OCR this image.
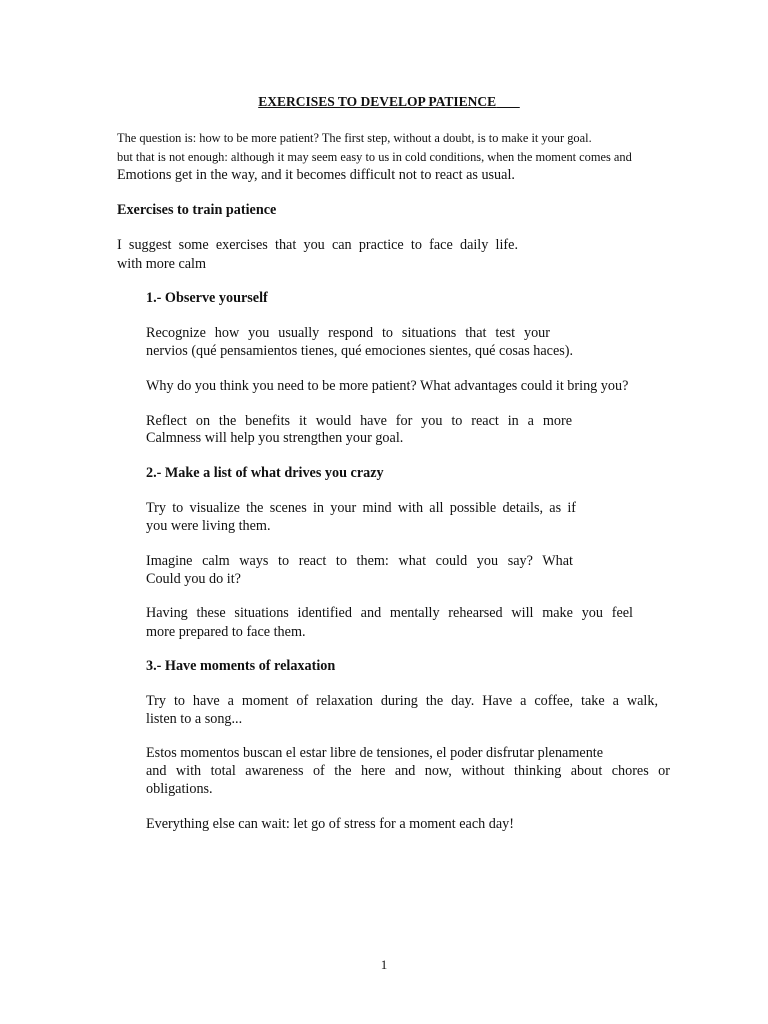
EXERCISES TO DEVELOP PATIENCE
The question is: how to be more patient? The first step, without a doubt, is to make it your goal.
but that is not enough: although it may seem easy to us in cold conditions, when the moment comes and
Emotions get in the way, and it becomes difficult not to react as usual.
Exercises to train patience
I suggest some exercises that you can practice to face daily life.
with more calm
1.- Observe yourself
Recognize how you usually respond to situations that test your
nervios (qué pensamientos tienes, qué emociones sientes, qué cosas haces).
Why do you think you need to be more patient? What advantages could it bring you?
Reflect on the benefits it would have for you to react in a more
Calmness will help you strengthen your goal.
2.- Make a list of what drives you crazy
Try to visualize the scenes in your mind with all possible details, as if
you were living them.
Imagine calm ways to react to them: what could you say? What
Could you do it?
Having these situations identified and mentally rehearsed will make you feel
more prepared to face them.
3.- Have moments of relaxation
Try to have a moment of relaxation during the day. Have a coffee, take a walk,
listen to a song...
Estos momentos buscan el estar libre de tensiones, el poder disfrutar plenamente
and with total awareness of the here and now, without thinking about chores or
obligations.
Everything else can wait: let go of stress for a moment each day!
1
